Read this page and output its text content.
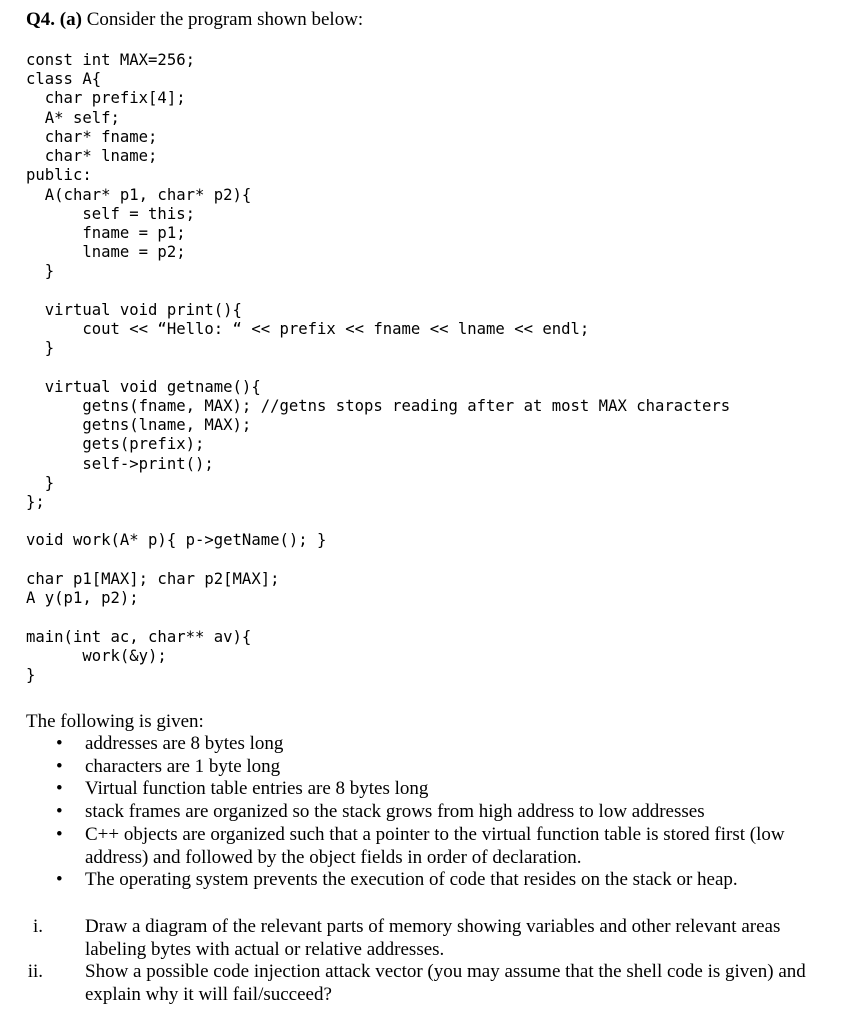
Q4. (a) Consider the program shown below:
const int MAX=256;
class A{
char prefix[4];
A* self;
char* fname;
char* lname;
public:
A(char* p1, char* p2){
self = this;
fname = p1;
lname = p2;
}
virtual void print(){
cout << “Hello: “ << prefix << fname << lname << endl;
}
virtual void getname(){
getns(fname, MAX); //getns stops reading after at most MAX characters
getns(lname, MAX);
gets(prefix);
self->print();
}
};
void work(A* p){ p->getName(); }
char p1[MAX]; char p2[MAX];
A y(p1, p2);
main(int ac, char** av){
work(&y);
}
The following is given:
• addresses are 8 bytes long
• characters are 1 byte long
• Virtual function table entries are 8 bytes long
• stack frames are organized so the stack grows from high address to low addresses
• C++ objects are organized such that a pointer to the virtual function table is stored first (low address) and followed by the object fields in order of declaration.
• The operating system prevents the execution of code that resides on the stack or heap.
i. Draw a diagram of the relevant parts of memory showing variables and other relevant areas labeling bytes with actual or relative addresses.
ii. Show a possible code injection attack vector (you may assume that the shell code is given) and explain why it will fail/succeed?
